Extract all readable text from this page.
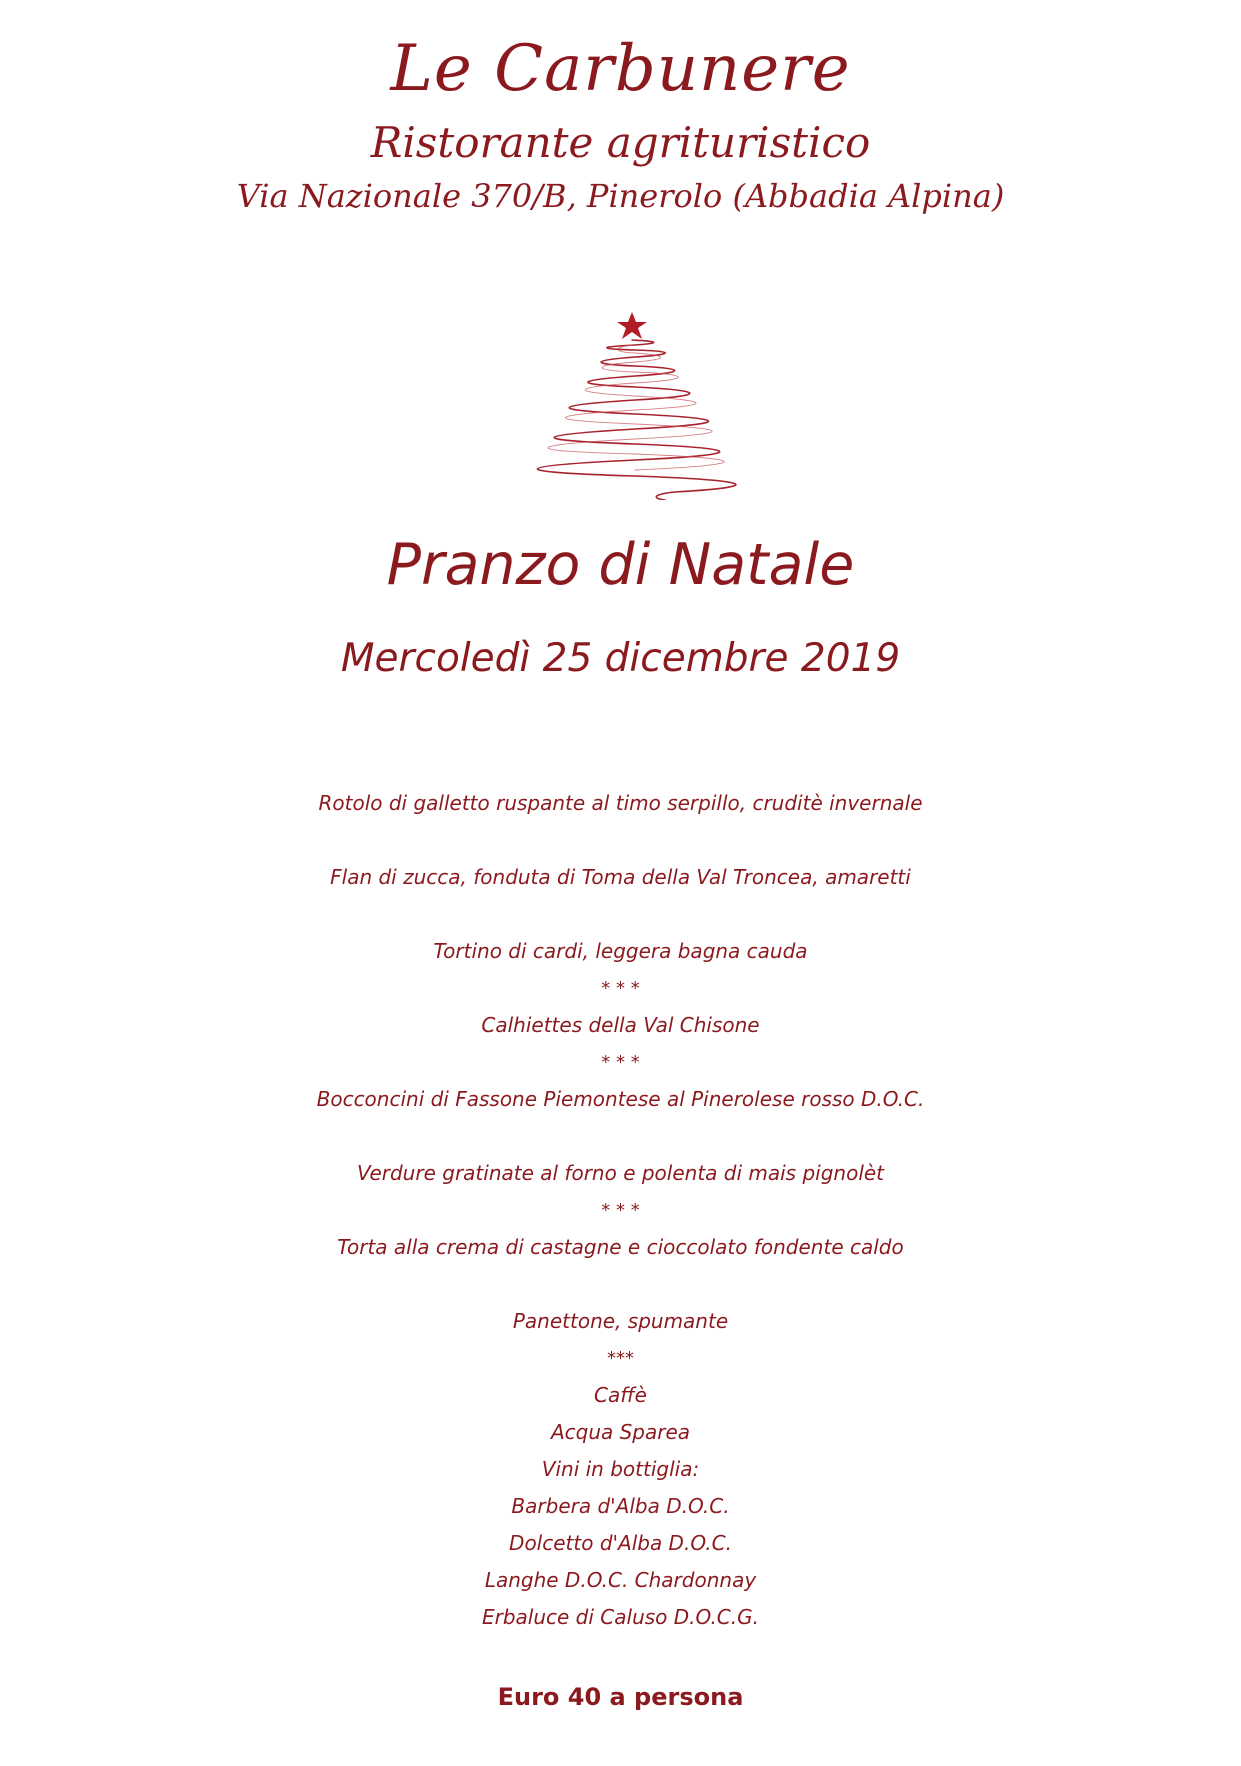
Le Carbunere
Ristorante agrituristico
Via Nazionale 370/B, Pinerolo (Abbadia Alpina)
Pranzo di Natale
Mercoledì 25 dicembre 2019
Rotolo di galletto ruspante al timo serpillo, cruditè invernale
Flan di zucca, fonduta di Toma della Val Troncea, amaretti
Tortino di cardi, leggera bagna cauda
* * *
Calhiettes della Val Chisone
* * *
Bocconcini di Fassone Piemontese al Pinerolese rosso D.O.C.
Verdure gratinate al forno e polenta di mais pignolèt
* * *
Torta alla crema di castagne e cioccolato fondente caldo
Panettone, spumante
***
Caffè
Acqua Sparea
Vini in bottiglia:
Barbera d'Alba D.O.C.
Dolcetto d'Alba D.O.C.
Langhe D.O.C. Chardonnay
Erbaluce di Caluso D.O.C.G.
Euro 40 a persona
